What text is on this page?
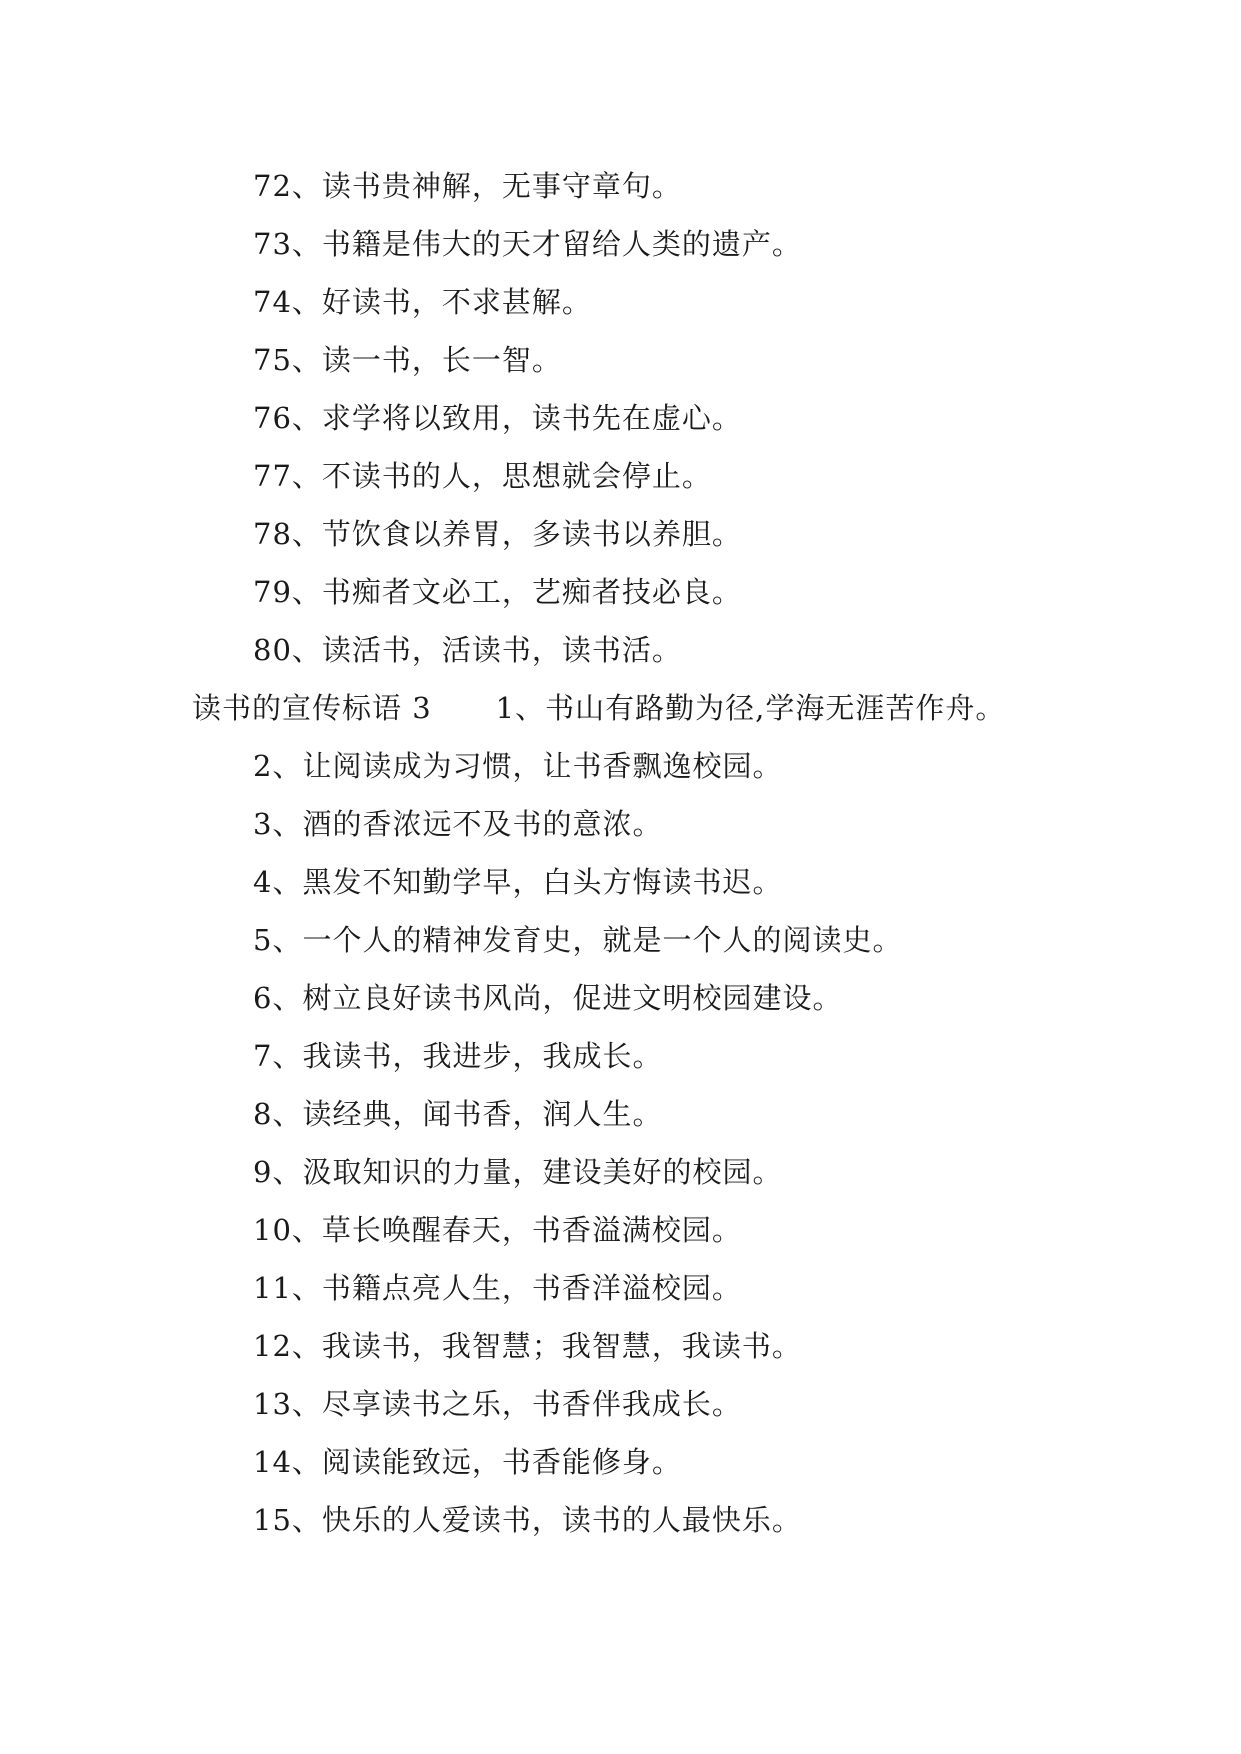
72、读书贵神解，无事守章句。
73、书籍是伟大的天才留给人类的遗产。
74、好读书，不求甚解。
75、读一书，长一智。
76、求学将以致用，读书先在虚心。
77、不读书的人，思想就会停止。
78、节饮食以养胃，多读书以养胆。
79、书痴者文必工，艺痴者技必良。
80、读活书，活读书，读书活。
读书的宣传标语 3 1、书山有路勤为径,学海无涯苦作舟。
2、让阅读成为习惯，让书香飘逸校园。
3、酒的香浓远不及书的意浓。
4、黑发不知勤学早，白头方悔读书迟。
5、一个人的精神发育史，就是一个人的阅读史。
6、树立良好读书风尚，促进文明校园建设。
7、我读书，我进步，我成长。
8、读经典，闻书香，润人生。
9、汲取知识的力量，建设美好的校园。
10、草长唤醒春天，书香溢满校园。
11、书籍点亮人生，书香洋溢校园。
12、我读书，我智慧；我智慧，我读书。
13、尽享读书之乐，书香伴我成长。
14、阅读能致远，书香能修身。
15、快乐的人爱读书，读书的人最快乐。
